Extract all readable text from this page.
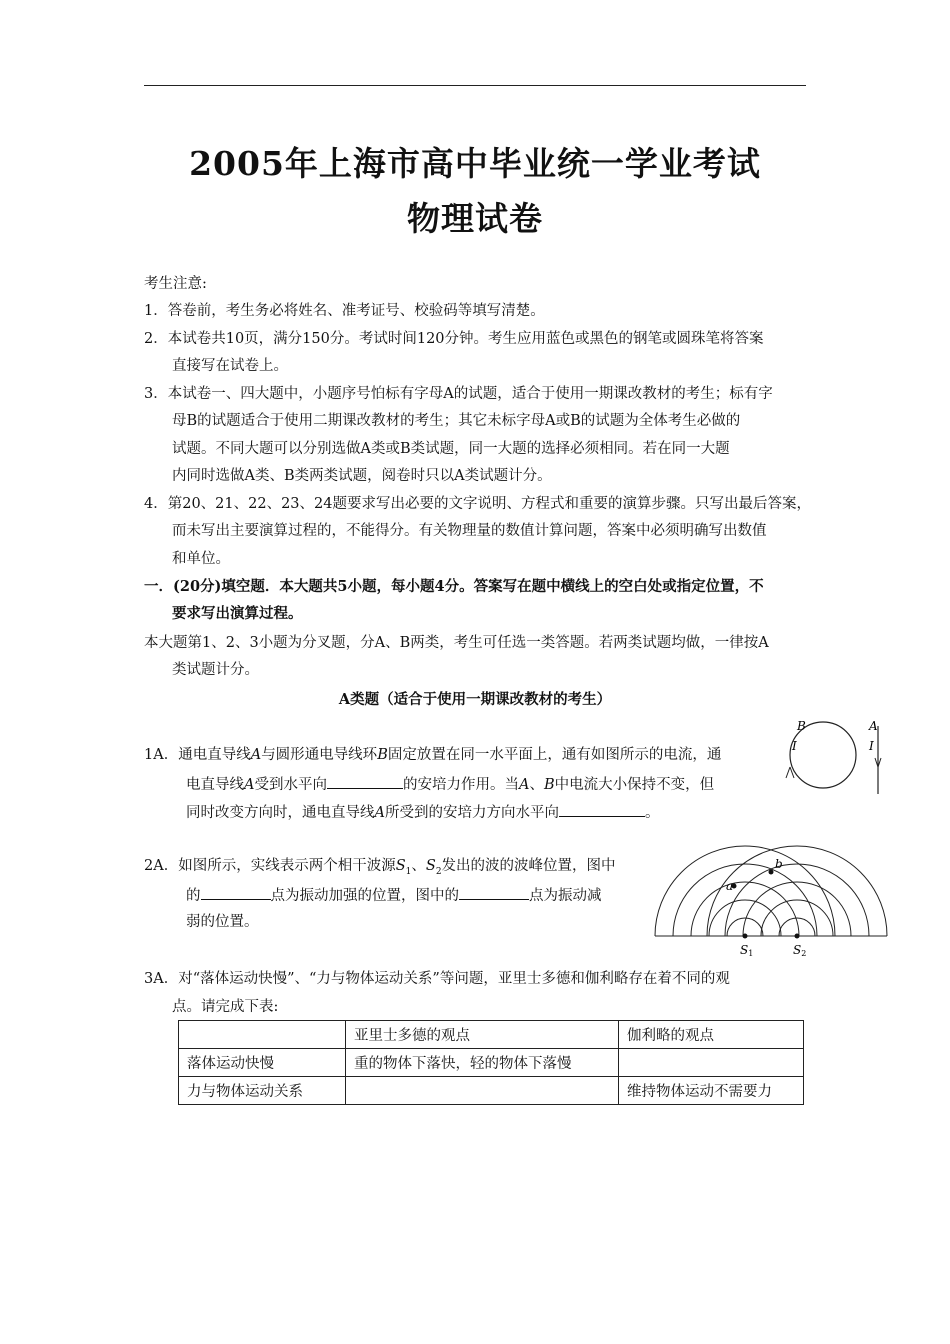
2005年上海市高中毕业统一学业考试
物理试卷
考生注意:
1．答卷前，考生务必将姓名、准考证号、校验码等填写清楚。
2．本试卷共10页，满分150分。考试时间120分钟。考生应用蓝色或黑色的钢笔或圆珠笔将答案
直接写在试卷上。
3．本试卷一、四大题中，小题序号怕标有字母A的试题，适合于使用一期课改教材的考生；标有字
母B的试题适合于使用二期课改教材的考生；其它未标字母A或B的试题为全体考生必做的
试题。不同大题可以分别选做A类或B类试题，同一大题的选择必须相同。若在同一大题
内同时选做A类、B类两类试题，阅卷时只以A类试题计分。
4．第20、21、22、23、24题要求写出必要的文字说明、方程式和重要的演算步骤。只写出最后答案，
而未写出主要演算过程的，不能得分。有关物理量的数值计算问题，答案中必须明确写出数值
和单位。
一．(20分)填空题．本大题共5小题，每小题4分。答案写在题中横线上的空白处或指定位置，不
要求写出演算过程。
本大题第1、2、3小题为分叉题，分A、B两类，考生可任选一类答题。若两类试题均做，一律按A
类试题计分。
A类题（适合于使用一期课改教材的考生）
1A．通电直导线A与圆形通电导线环B固定放置在同一水平面上，通有如图所示的电流，通
电直导线A受到水平向	的安培力作用。当A、B中电流大小保持不变，但
同时改变方向时，通电直导线A所受到的安培力方向水平向	。
B	A
I	I
2A．如图所示，实线表示两个相干波源$S_1$、$S_2$发出的波的波峰位置，图中
的	点为振动加强的位置，图中的	点为振动减
弱的位置。
a
b
S1	S2
3A．对“落体运动快慢”、“力与物体运动关系”等问题，亚里士多德和伽利略存在着不同的观
点。请完成下表:
	亚里士多德的观点	伽利略的观点
落体运动快慢	重的物体下落快，轻的物体下落慢	
力与物体运动关系		维持物体运动不需要力
